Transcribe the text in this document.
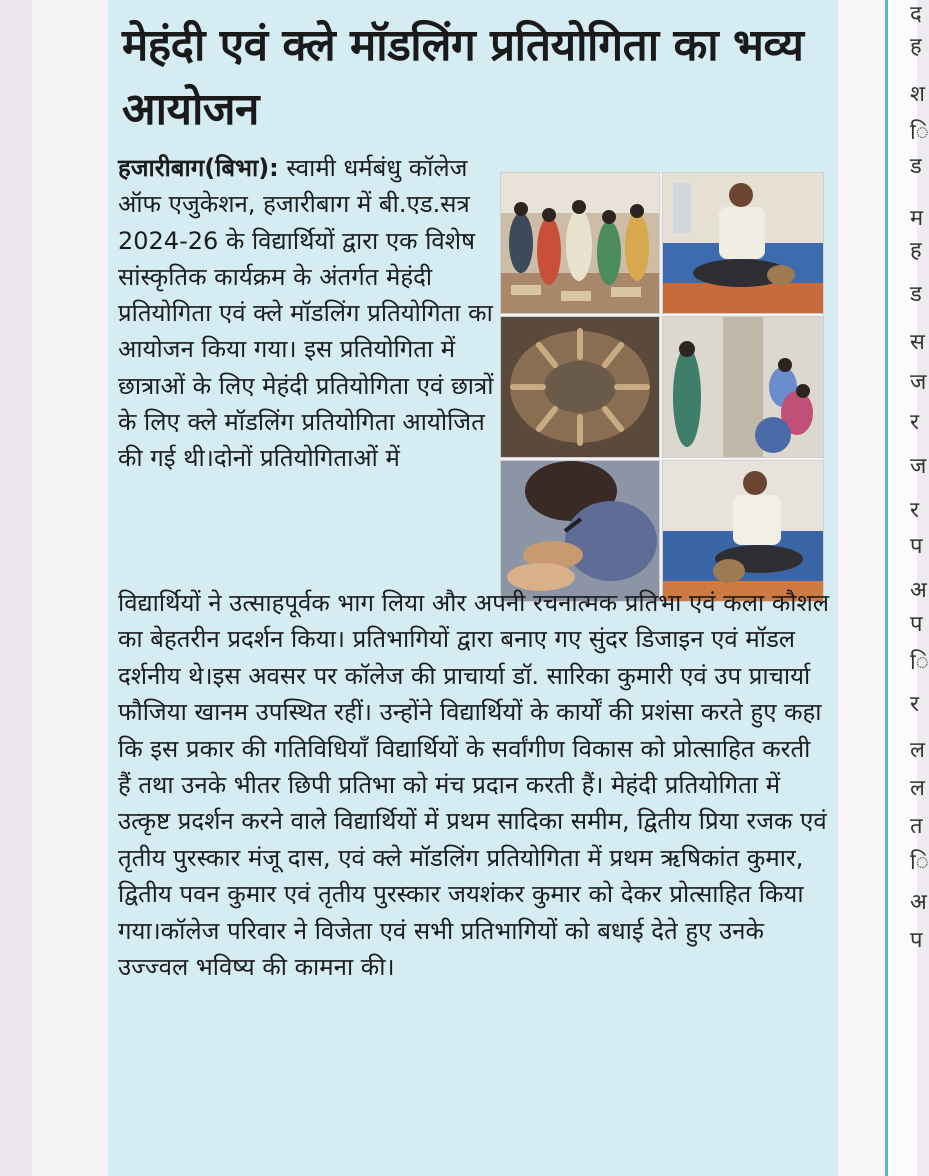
मेहंदी एवं क्ले मॉडलिंग प्रतियोगिता का भव्य आयोजन

हजारीबाग(बिभा): स्वामी धर्मबंधु कॉलेज ऑफ एजुकेशन, हजारीबाग में बी.एड.सत्र 2024-26 के विद्यार्थियों द्वारा एक विशेष सांस्कृतिक कार्यक्रम के अंतर्गत मेहंदी प्रतियोगिता एवं क्ले मॉडलिंग प्रतियोगिता का आयोजन किया गया। इस प्रतियोगिता में छात्राओं के लिए मेहंदी प्रतियोगिता एवं छात्रों के लिए क्ले मॉडलिंग प्रतियोगिता आयोजित की गई थी।दोनों प्रतियोगिताओं में

विद्यार्थियों ने उत्साहपूर्वक भाग लिया और अपनी रचनात्मक प्रतिभा एवं कला कौशल का बेहतरीन प्रदर्शन किया। प्रतिभागियों द्वारा बनाए गए सुंदर डिजाइन एवं मॉडल दर्शनीय थे।इस अवसर पर कॉलेज की प्राचार्या डॉ. सारिका कुमारी एवं उप प्राचार्या फौजिया खानम उपस्थित रहीं। उन्होंने विद्यार्थियों के कार्यों की प्रशंसा करते हुए कहा कि इस प्रकार की गतिविधियाँ विद्यार्थियों के सर्वांगीण विकास को प्रोत्साहित करती हैं तथा उनके भीतर छिपी प्रतिभा को मंच प्रदान करती हैं। मेहंदी प्रतियोगिता में उत्कृष्ट प्रदर्शन करने वाले विद्यार्थियों में प्रथम सादिका समीम, द्वितीय प्रिया रजक एवं तृतीय पुरस्कार मंजू दास, एवं क्ले मॉडलिंग प्रतियोगिता में प्रथम ऋषिकांत कुमार, द्वितीय पवन कुमार एवं तृतीय पुरस्कार जयशंकर कुमार को देकर प्रोत्साहित किया गया।कॉलेज परिवार ने विजेता एवं सभी प्रतिभागियों को बधाई देते हुए उनके उज्ज्वल भविष्य की कामना की।

द
ह
श
ि
ड
म
ह
ड
स
ज
र
ज
र
प
अ
प
ि
र
ल
ल
त
ि
अ
प
